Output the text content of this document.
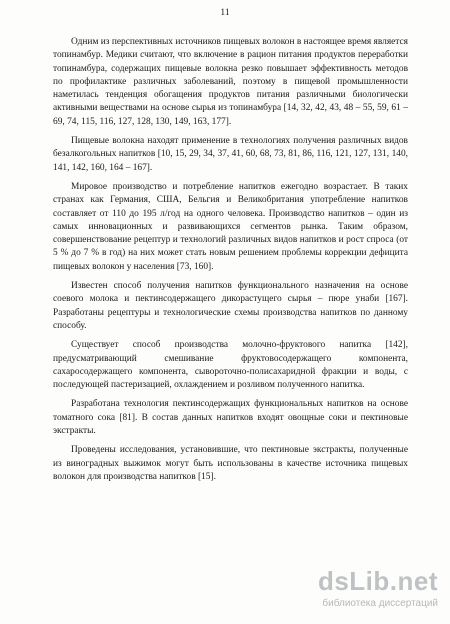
11

Одним из перспективных источников пищевых волокон в настоящее время является топинамбур. Медики считают, что включение в рацион питания продуктов переработки топинамбура, содержащих пищевые волокна резко повышает эффективность методов по профилактике различных заболеваний, поэтому в пищевой промышленности наметилась тенденция обогащения продуктов питания различными биологически активными веществами на основе сырья из топинамбура [14, 32, 42, 43, 48 – 55, 59, 61 – 69, 74, 115, 116, 127, 128, 130, 149, 163, 177].

Пищевые волокна находят применение в технологиях получения различных видов безалкогольных напитков [10, 15, 29, 34, 37, 41, 60, 68, 73, 81, 86, 116, 121, 127, 131, 140, 141, 142, 160, 164 – 167].

Мировое производство и потребление напитков ежегодно возрастает. В таких странах как Германия, США, Бельгия и Великобритания употребление напитков составляет от 110 до 195 л/год на одного человека. Производство напитков – один из самых инновационных и развивающихся сегментов рынка. Таким образом, совершенствование рецептур и технологий различных видов напитков и рост спроса (от 5 % до 7 % в год) на них может стать новым решением проблемы коррекции дефицита пищевых волокон у населения [73, 160].

Известен способ получения напитков функционального назначения на основе соевого молока и пектинсодержащего дикорастущего сырья – пюре унаби [167]. Разработаны рецептуры и технологические схемы производства напитков по данному способу.

Существует способ производства молочно-фруктового напитка [142], предусматривающий смешивание фруктовосодержащего компонента, сахаросодержащего компонента, сывороточно-полисахаридной фракции и воды, с последующей пастеризацией, охлаждением и розливом полученного напитка.

Разработана технология пектинсодержащих функциональных напитков на основе томатного сока [81]. В состав данных напитков входят овощные соки и пектиновые экстракты.

Проведены исследования, установившие, что пектиновые экстракты, полученные из виноградных выжимок могут быть использованы в качестве источника пищевых волокон для производства напитков [15].

dsLib.net
библиотека диссертаций
